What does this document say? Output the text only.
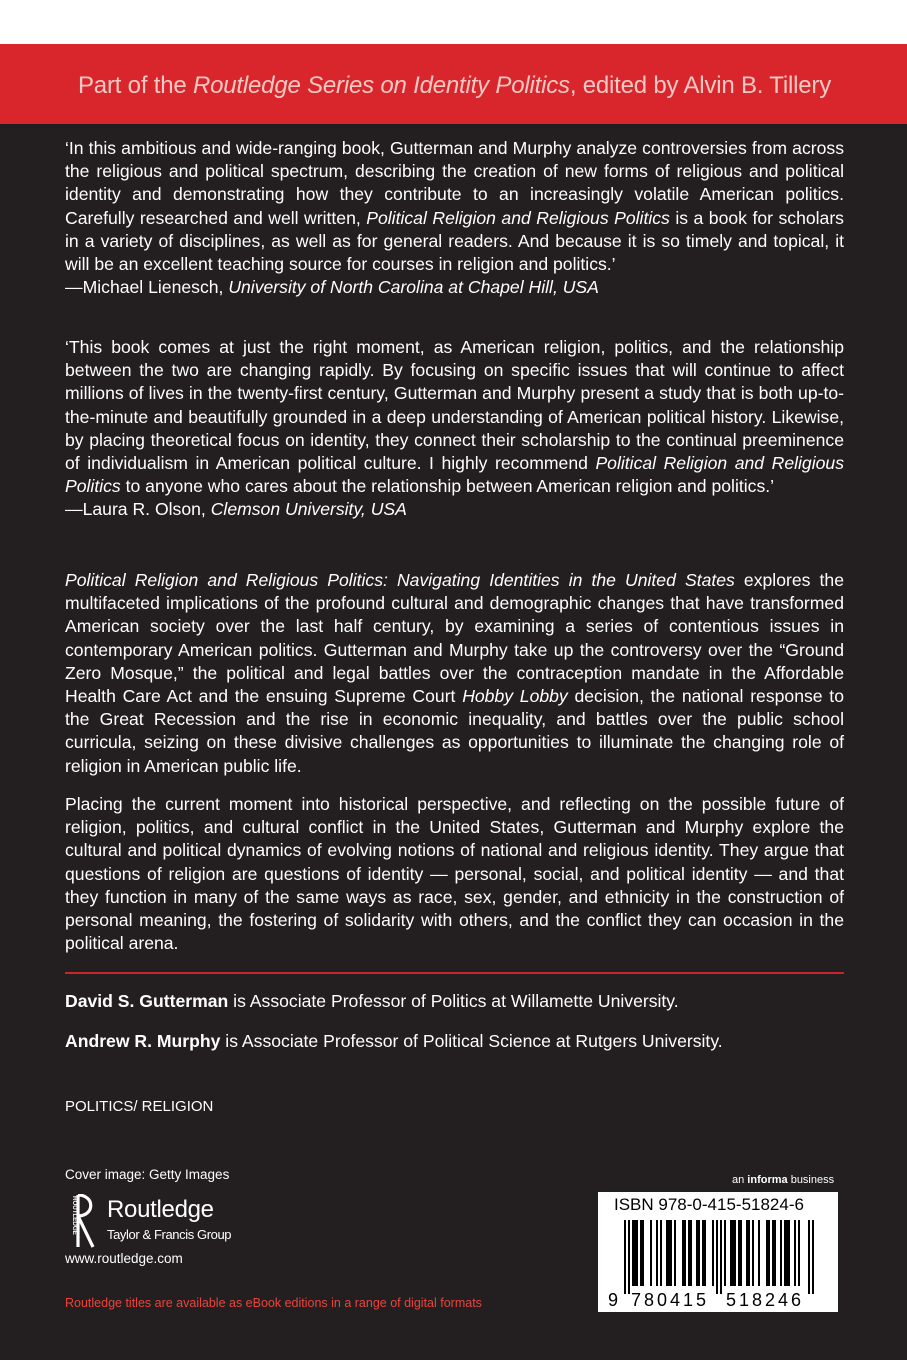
Part of the Routledge Series on Identity Politics, edited by Alvin B. Tillery
‘In this ambitious and wide-ranging book, Gutterman and Murphy analyze controversies from across the religious and political spectrum, describing the creation of new forms of religious and political identity and demonstrating how they contribute to an increasingly volatile American politics. Carefully researched and well written, Political Religion and Religious Politics is a book for scholars in a variety of disciplines, as well as for general readers. And because it is so timely and topical, it will be an excellent teaching source for courses in religion and politics.’
—Michael Lienesch, University of North Carolina at Chapel Hill, USA
‘This book comes at just the right moment, as American religion, politics, and the relationship between the two are changing rapidly. By focusing on specific issues that will continue to affect millions of lives in the twenty-first century, Gutterman and Murphy present a study that is both up-to-the-minute and beautifully grounded in a deep understanding of American political history. Likewise, by placing theoretical focus on identity, they connect their scholarship to the continual preeminence of individualism in American political culture. I highly recommend Political Religion and Religious Politics to anyone who cares about the relationship between American religion and politics.’
—Laura R. Olson, Clemson University, USA
Political Religion and Religious Politics: Navigating Identities in the United States explores the multifaceted implications of the profound cultural and demographic changes that have transformed American society over the last half century, by examining a series of contentious issues in contemporary American politics. Gutterman and Murphy take up the controversy over the “Ground Zero Mosque,” the political and legal battles over the contraception mandate in the Affordable Health Care Act and the ensuing Supreme Court Hobby Lobby decision, the national response to the Great Recession and the rise in economic inequality, and battles over the public school curricula, seizing on these divisive challenges as opportunities to illuminate the changing role of religion in American public life.
Placing the current moment into historical perspective, and reflecting on the possible future of religion, politics, and cultural conflict in the United States, Gutterman and Murphy explore the cultural and political dynamics of evolving notions of national and religious identity. They argue that questions of religion are questions of identity — personal, social, and political identity — and that they function in many of the same ways as race, sex, gender, and ethnicity in the construction of personal meaning, the fostering of solidarity with others, and the conflict they can occasion in the political arena.
David S. Gutterman is Associate Professor of Politics at Willamette University.
Andrew R. Murphy is Associate Professor of Political Science at Rutgers University.
POLITICS/ RELIGION
Cover image: Getty Images
ROUTLEDGE Routledge
Taylor & Francis Group
www.routledge.com
Routledge titles are available as eBook editions in a range of digital formats
an informa business
ISBN 978-0-415-51824-6
9 780415 518246
